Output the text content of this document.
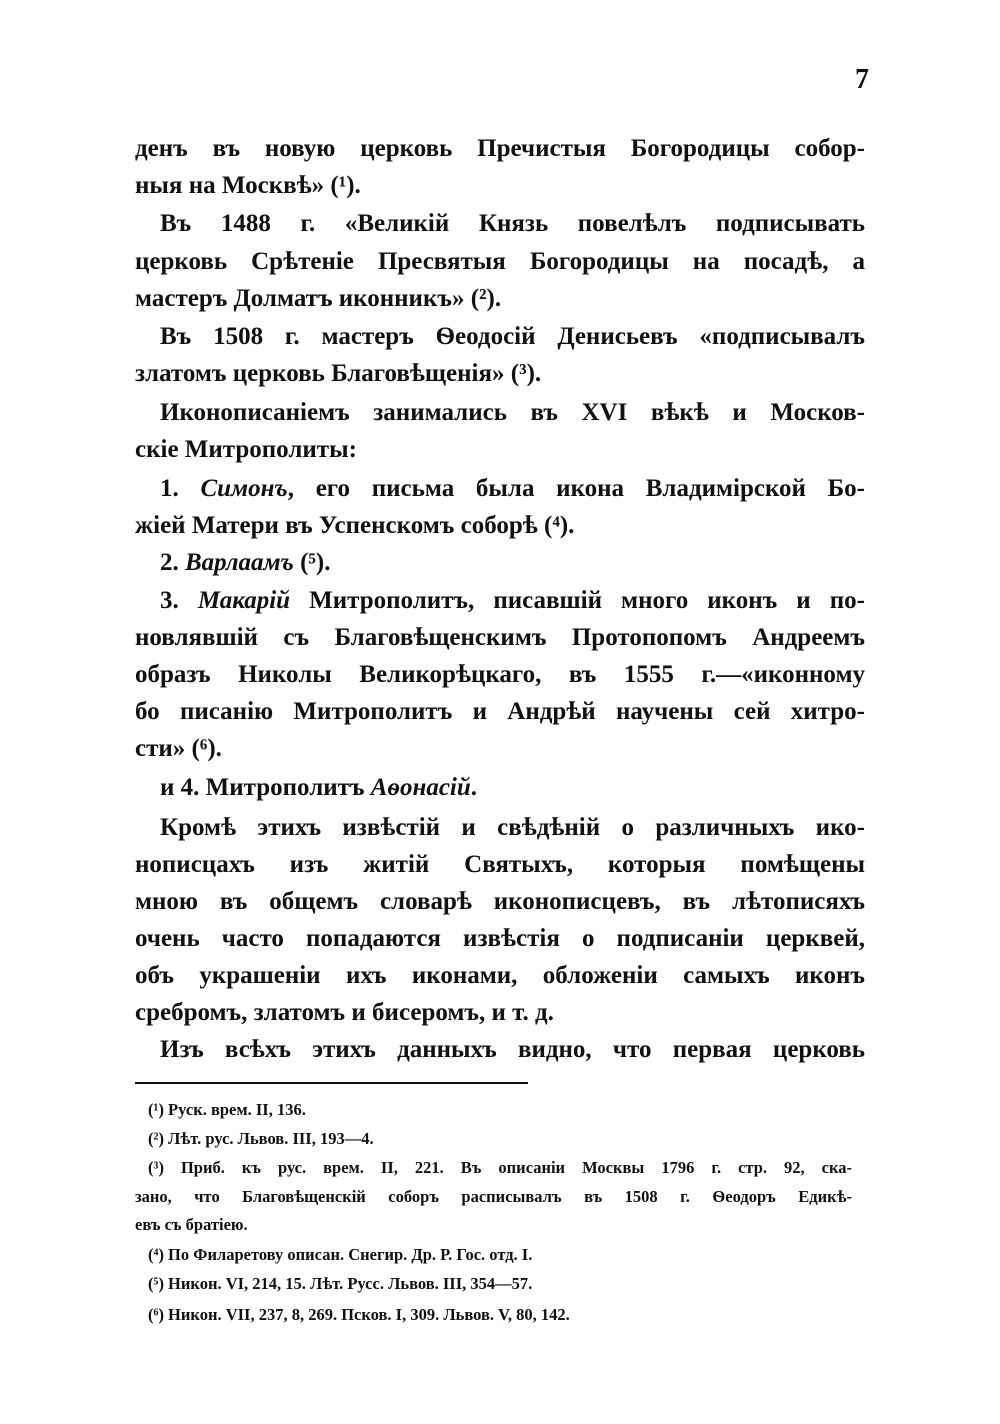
7
денъ въ новую церковь Пречистыя Богородицы собор-
ныя на Москвѣ» (¹).
Въ 1488 г. «Великій Князь повелѣлъ подписывать
церковь Срѣтеніе Пресвятыя Богородицы на посадѣ, а
мастеръ Долматъ иконникъ» (²).
Въ 1508 г. мастеръ Ѳеодосій Денисьевъ «подписывалъ
златомъ церковь Благовѣщенія» (³).
Иконописаніемъ занимались въ XVI вѣкѣ и Москов-
скіе Митрополиты:
1. Симонъ, его письма была икона Владимірской Бо-
жіей Матери въ Успенскомъ соборѣ (⁴).
2. Варлаамъ (⁵).
3. Макарій Митрополитъ, писавшій много иконъ и по-
новлявшій съ Благовѣщенскимъ Протопопомъ Андреемъ
образъ Николы Великорѣцкаго, въ 1555 г.—«иконному
бо писанію Митрополитъ и Андрѣй научены сей хитро-
сти» (⁶).
и 4. Митрополитъ Аѳонасій.
Кромѣ этихъ извѣстій и свѣдѣній о различныхъ ико-
нописцахъ изъ житій Святыхъ, которыя помѣщены
мною въ общемъ словарѣ иконописцевъ, въ лѣтописяхъ
очень часто попадаются извѣстія о подписаніи церквей,
объ украшеніи ихъ иконами, обложеніи самыхъ иконъ
сребромъ, златомъ и бисеромъ, и т. д.
Изъ всѣхъ этихъ данныхъ видно, что первая церковь
(¹) Руск. врем. II, 136.
(²) Лѣт. рус. Львов. III, 193—4.
(³) Приб. къ рус. врем. II, 221. Въ описаніи Москвы 1796 г. стр. 92, ска-
зано, что Благовѣщенскій соборъ расписывалъ въ 1508 г. Ѳеодоръ Едикѣ-
евъ съ братіею.
(⁴) По Филаретову описан. Снегир. Др. Р. Гос. отд. I.
(⁵) Никон. VI, 214, 15. Лѣт. Русс. Львов. III, 354—57.
(⁶) Никон. VII, 237, 8, 269. Псков. I, 309. Львов. V, 80, 142.
